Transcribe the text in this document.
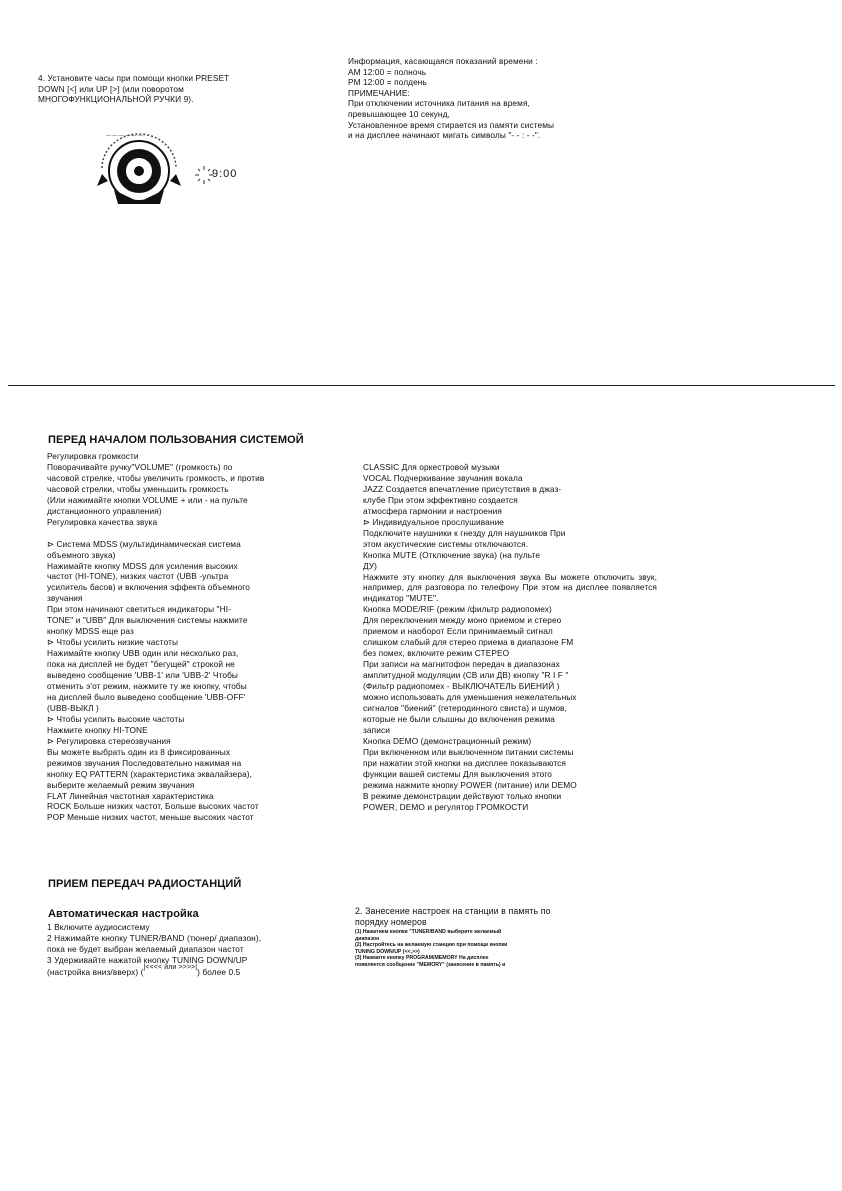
4. Установите часы при помощи кнопки PRESET
DOWN [<] или UP [>] (или поворотом
МНОГОФУНКЦИОНАЛЬНОЙ РУЧКИ 9).
— — — — — —
9:00
Информация, касающаяся показаний времени :
AM 12:00 = полночь
PM 12:00 = полдень
ПРИМЕЧАНИЕ:
При отключении источника питания на время,
превышающее 10 секунд,
Установленное время стирается из памяти системы
и на дисплее начинают мигать символы "- - : - -".
ПЕРЕД НАЧАЛОМ ПОЛЬЗОВАНИЯ СИСТЕМОЙ
Регулировка громкости
Поворачивайте ручку"VOLUME" (громкость) по
часовой стрелке, чтобы увеличить громкость, и против
часовой стрелки, чтобы уменьшить громкость
(Или нажимайте кнопки VOLUME + или - на пульте
дистанционного управления)
Регулировка качества звука
⊳ Система MDSS (мультидинамическая система
объемного звука)
Нажимайте кнопку MDSS для усиления высоких
частот (HI-TONE), низких частот (UBB -ультра
усилитель басов) и включения эффекта объемного
звучания
При этом начинают светиться индикаторы "HI-
TONE" и "UBB" Для выключения системы нажмите
кнопку MDSS еще раз
⊳ Чтобы усилить низкие частоты
Нажимайте кнопку UBB один или несколько раз,
пока на дисплей не будет "бегущей" строкой не
выведено сообщение 'UBB-1' или 'UBB-2' Чтобы
отменить э'от режим, нажмите ту же кнопку, чтобы
на дисплей было выведено сообщение 'UBB-OFF'
(UBB-ВЫКЛ )
⊳ Чтобы усилить высокие частоты
Нажмите кнопку HI-TONE
⊳ Регулировка стереозвучания
Вы можете выбрать один из 8 фиксированных
режимов звучания Последовательно нажимая на
кнопку EQ PATTERN (характеристика эквалайзера),
выберите желаемый режим звучания
FLAT Линейная частотная характеристика
ROCK Больше низких частот, Больше высоких частот
POP Меньше низких частот, меньше высоких частот
CLASSIC Для оркестровой музыки
VOCAL Подчеркивание звучания вокала
JAZZ Создается впечатление присутствия в джаз-
клубе При этом эффективно создается
атмосфера гармонии и настроения
⊳ Индивидуальное прослушивание
Подключите наушники к гнезду для наушников При
этом акустические системы отключаются.
Кнопка MUTE (Отключение звука) (на пульте
ДУ)
Нажмите эту кнопку для выключения звука Вы можете отключить звук, например, для разговора по телефону При этом на дисплее появляется индикатор "MUTE".
Кнопка MODE/RIF (режим /фильтр радиопомех)
Для переключения между моно приемом и стерео
приемом и наоборот Если принимаемый сигнал
слишком слабый для стерео приема в диапазоне FM
без помех, включите режим СТЕРЕО
При записи на магнитофон передач в диапазонах
амплитудной модуляции (СВ или ДВ) кнопку "R I F "
(Фильтр радиопомех - ВЫКЛЮЧАТЕЛЬ БИЕНИЙ )
можно использовать для уменьшения нежелательных
сигналов "биений" (гетеродинного свиста) и шумов,
которые не были слышны до включения режима
записи
Кнопка DEMO (демонстрационный режим)
При включенном или выключенном питании системы
при нажатии этой кнопки на дисплее показываются
функции вашей системы Для выключения этого
режима нажмите кнопку POWER (питание) или DEMO
В режиме демонстрации действуют только кнопки
POWER, DEMO и регулятор ГРОМКОСТИ
ПРИЕМ ПЕРЕДАЧ РАДИОСТАНЦИЙ
Автоматическая настройка
1 Включите аудиосистему
2 Нажимайте кнопку TUNER/BAND (тюнер/ диапазон),
пока не будет выбран желаемый диапазон частот
3 Удерживайте нажатой кнопку TUNING DOWN/UP
(настройка вниз/вверх) ($^{|<<<< или >>>>|}$) более 0.5
2. Занесение настроек на станции в память по
порядку номеров
(1) Нажатием кнопки "TUNER/BAND выберите желаемый
диапазон
(2) Настройтесь на желаемую станцию при помощи кнопки
TUNING DOWN/UP (<<,>>)
(3) Нажмите кнопку PROGRAM/MEMORY На дисплее
появляется сообщение "MEMORY" (занесение в память) и
